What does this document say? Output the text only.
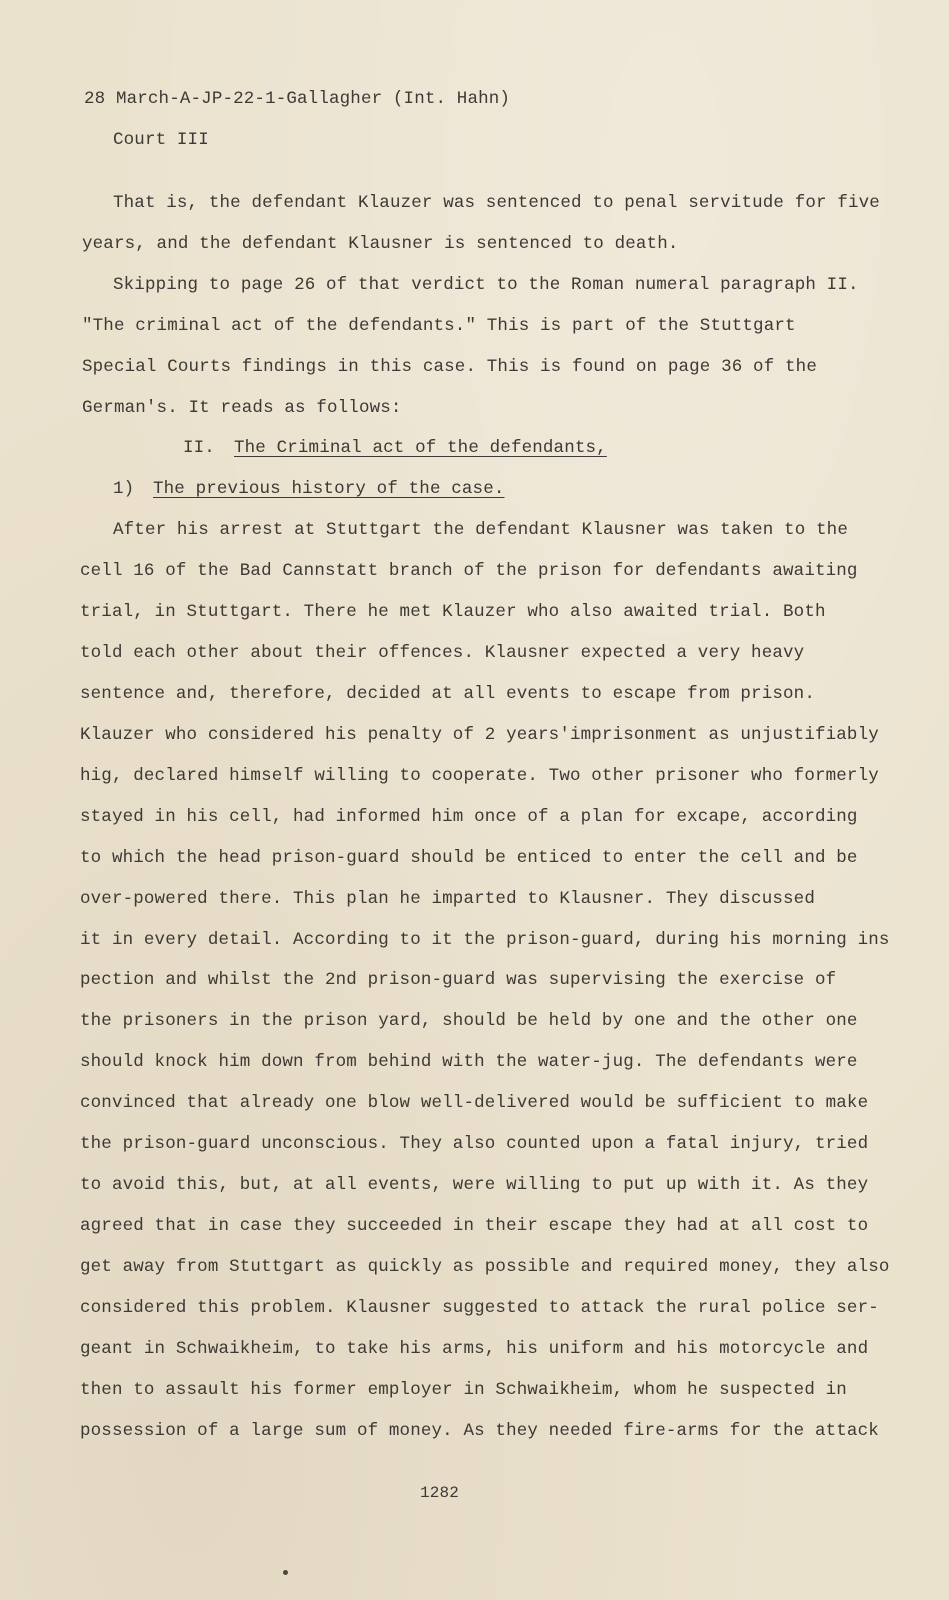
28 March-A-JP-22-1-Gallagher (Int. Hahn)
Court III
That is, the defendant Klauzer was sentenced to penal servitude for five
years, and the defendant Klausner is sentenced to death.
Skipping to page 26 of that verdict to the Roman numeral paragraph II.
"The criminal act of the defendants." This is part of the Stuttgart
Special Courts findings in this case. This is found on page 36 of the
German's. It reads as follows:
II. The Criminal act of the defendants,
1) The previous history of the case.
After his arrest at Stuttgart the defendant Klausner was taken to the
cell 16 of the Bad Cannstatt branch of the prison for defendants awaiting
trial, in Stuttgart. There he met Klauzer who also awaited trial. Both
told each other about their offences. Klausner expected a very heavy
sentence and, therefore, decided at all events to escape from prison.
Klauzer who considered his penalty of 2 years'imprisonment as unjustifiably
hig, declared himself willing to cooperate. Two other prisoner who formerly
stayed in his cell, had informed him once of a plan for excape, according
to which the head prison-guard should be enticed to enter the cell and be
over-powered there. This plan he imparted to Klausner. They discussed
it in every detail. According to it the prison-guard, during his morning ins
pection and whilst the 2nd prison-guard was supervising the exercise of
the prisoners in the prison yard, should be held by one and the other one
should knock him down from behind with the water-jug. The defendants were
convinced that already one blow well-delivered would be sufficient to make
the prison-guard unconscious. They also counted upon a fatal injury, tried
to avoid this, but, at all events, were willing to put up with it. As they
agreed that in case they succeeded in their escape they had at all cost to
get away from Stuttgart as quickly as possible and required money, they also
considered this problem. Klausner suggested to attack the rural police ser-
geant in Schwaikheim, to take his arms, his uniform and his motorcycle and
then to assault his former employer in Schwaikheim, whom he suspected in
possession of a large sum of money. As they needed fire-arms for the attack
1282
